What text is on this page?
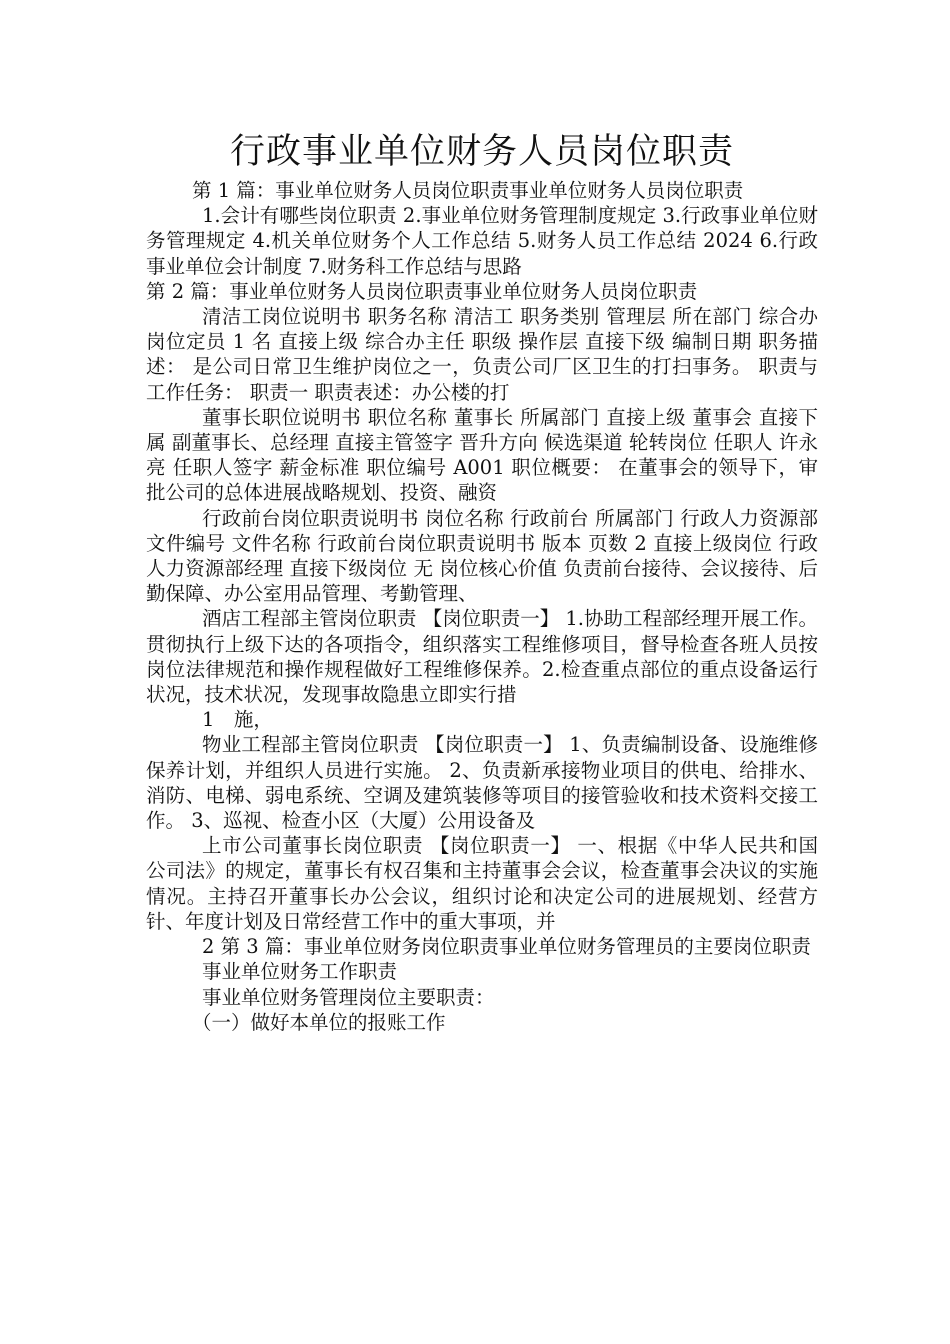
行政事业单位财务人员岗位职责

第 1 篇：事业单位财务人员岗位职责事业单位财务人员岗位职责

1.会计有哪些岗位职责 2.事业单位财务管理制度规定 3.行政事业单位财务管理规定 4.机关单位财务个人工作总结 5.财务人员工作总结 2024 6.行政事业单位会计制度 7.财务科工作总结与思路

第 2 篇：事业单位财务人员岗位职责事业单位财务人员岗位职责

清洁工岗位说明书 职务名称 清洁工 职务类别 管理层 所在部门 综合办 岗位定员 1 名 直接上级 综合办主任 职级 操作层 直接下级 编制日期 职务描述： 是公司日常卫生维护岗位之一，负责公司厂区卫生的打扫事务。 职责与工作任务： 职责一 职责表述：办公楼的打

董事长职位说明书 职位名称 董事长 所属部门 直接上级 董事会 直接下属 副董事长、总经理 直接主管签字 晋升方向 候选渠道 轮转岗位 任职人 许永亮 任职人签字 薪金标准 职位编号 A001 职位概要： 在董事会的领导下，审批公司的总体进展战略规划、投资、融资

行政前台岗位职责说明书 岗位名称 行政前台 所属部门 行政人力资源部 文件编号 文件名称 行政前台岗位职责说明书 版本 页数 2 直接上级岗位 行政人力资源部经理 直接下级岗位 无 岗位核心价值 负责前台接待、会议接待、后勤保障、办公室用品管理、考勤管理、

酒店工程部主管岗位职责 【岗位职责一】 1.协助工程部经理开展工作。贯彻执行上级下达的各项指令，组织落实工程维修项目，督导检查各班人员按岗位法律规范和操作规程做好工程维修保养。2.检查重点部位的重点设备运行状况，技术状况，发现事故隐患立即实行措

1　施，

物业工程部主管岗位职责 【岗位职责一】 1、负责编制设备、设施维修保养计划，并组织人员进行实施。 2、负责新承接物业项目的供电、给排水、消防、电梯、弱电系统、空调及建筑装修等项目的接管验收和技术资料交接工作。 3、巡视、检查小区（大厦）公用设备及

上市公司董事长岗位职责 【岗位职责一】 一、根据《中华人民共和国公司法》的规定，董事长有权召集和主持董事会会议，检查董事会决议的实施情况。主持召开董事长办公会议，组织讨论和决定公司的进展规划、经营方针、年度计划及日常经营工作中的重大事项，并

2 第 3 篇：事业单位财务岗位职责事业单位财务管理员的主要岗位职责

事业单位财务工作职责

事业单位财务管理岗位主要职责：

（一）做好本单位的报账工作
